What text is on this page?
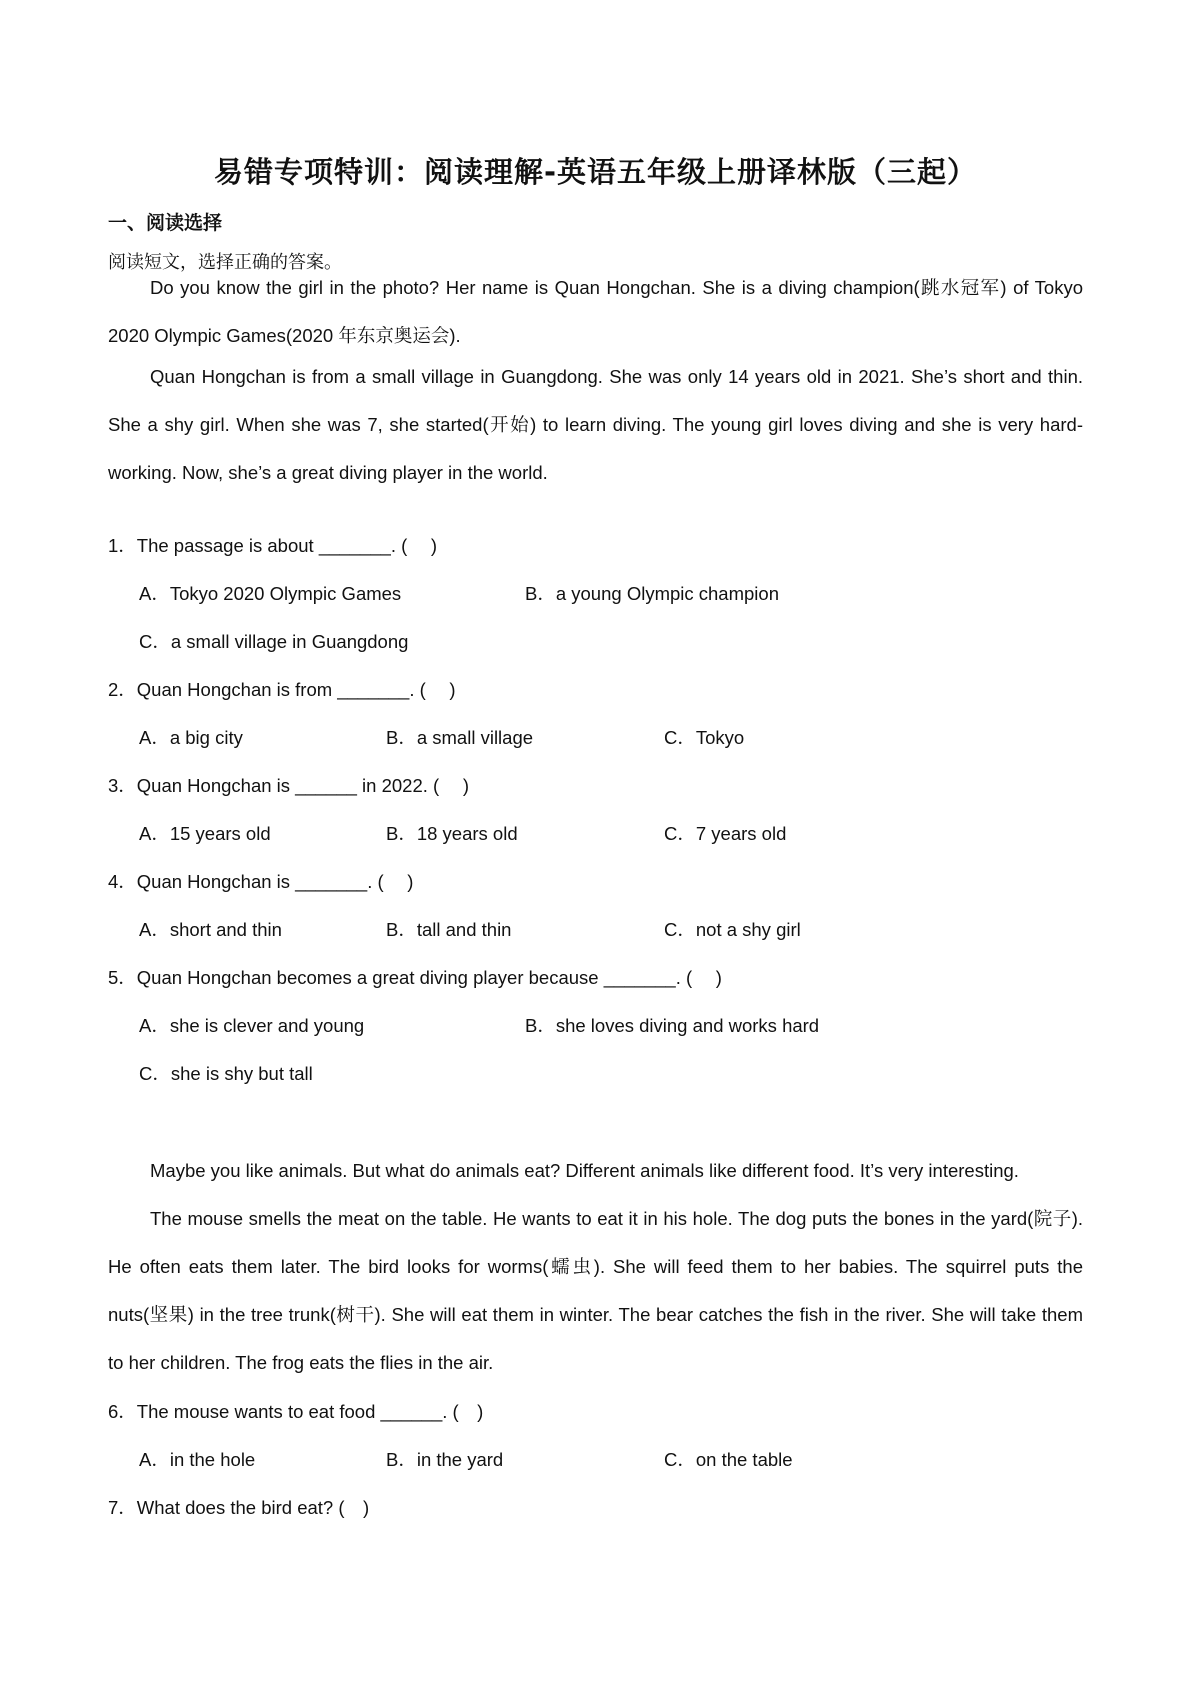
易错专项特训：阅读理解-英语五年级上册译林版（三起）
一、阅读选择
阅读短文，选择正确的答案。

Do you know the girl in the photo? Her name is Quan Hongchan. She is a diving champion(跳水冠军) of Tokyo 2020 Olympic Games(2020 年东京奥运会).

Quan Hongchan is from a small village in Guangdong. She was only 14 years old in 2021. She’s short and thin. She a shy girl. When she was 7, she started(开始) to learn diving. The young girl loves diving and she is very hard-working. Now, she’s a great diving player in the world.

1．The passage is about _______. (　 )
A．Tokyo 2020 Olympic Games	B．a young Olympic champion
C．a small village in Guangdong
2．Quan Hongchan is from _______. (　 )
A．a big city	B．a small village	C．Tokyo
3．Quan Hongchan is ______ in 2022. (　 )
A．15 years old	B．18 years old	C．7 years old
4．Quan Hongchan is _______. (　 )
A．short and thin	B．tall and thin	C．not a shy girl
5．Quan Hongchan becomes a great diving player because _______. (　 )
A．she is clever and young	B．she loves diving and works hard
C．she is shy but tall

Maybe you like animals. But what do animals eat? Different animals like different food. It’s very interesting.

The mouse smells the meat on the table. He wants to eat it in his hole. The dog puts the bones in the yard(院子). He often eats them later. The bird looks for worms(蠕虫). She will feed them to her babies. The squirrel puts the nuts(坚果) in the tree trunk(树干). She will eat them in winter. The bear catches the fish in the river. She will take them to her children. The frog eats the flies in the air.

6．The mouse wants to eat food ______. (　)
A．in the hole	B．in the yard	C．on the table
7．What does the bird eat? (　)
